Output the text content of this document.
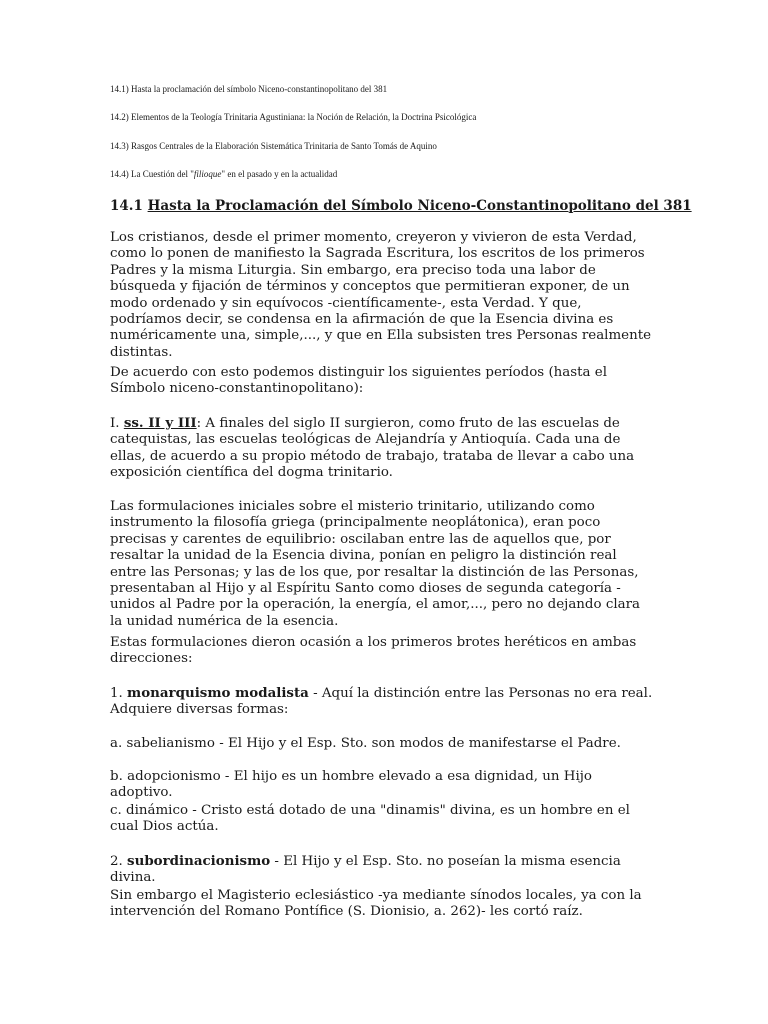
14.1) Hasta la proclamación del símbolo Niceno-constantinopolitano del 381
14.2) Elementos de la Teología Trinitaria Agustiniana: la Noción de Relación, la Doctrina Psicológica
14.3) Rasgos Centrales de la Elaboración Sistemática Trinitaria de Santo Tomás de Aquino
14.4) La Cuestión del "filioque" en el pasado y en la actualidad
14.1 Hasta la Proclamación del Símbolo Niceno-Constantinopolitano del 381

Los cristianos, desde el primer momento, creyeron y vivieron de esta Verdad, como lo ponen de manifiesto la Sagrada Escritura, los escritos de los primeros Padres y la misma Liturgia. Sin embargo, era preciso toda una labor de búsqueda y fijación de términos y conceptos que permitieran exponer, de un modo ordenado y sin equívocos -científicamente-, esta Verdad. Y que, podríamos decir, se condensa en la afirmación de que la Esencia divina es numéricamente una, simple,..., y que en Ella subsisten tres Personas realmente distintas.

De acuerdo con esto podemos distinguir los siguientes períodos (hasta el Símbolo niceno-constantinopolitano):

I. ss. II y III: A finales del siglo II surgieron, como fruto de las escuelas de catequistas, las escuelas teológicas de Alejandría y Antioquía. Cada una de ellas, de acuerdo a su propio método de trabajo, trataba de llevar a cabo una exposición científica del dogma trinitario.

Las formulaciones iniciales sobre el misterio trinitario, utilizando como instrumento la filosofía griega (principalmente neoplátonica), eran poco precisas y carentes de equilibrio: oscilaban entre las de aquellos que, por resaltar la unidad de la Esencia divina, ponían en peligro la distinción real entre las Personas; y las de los que, por resaltar la distinción de las Personas, presentaban al Hijo y al Espíritu Santo como dioses de segunda categoría -unidos al Padre por la operación, la energía, el amor,..., pero no dejando clara la unidad numérica de la esencia.

Estas formulaciones dieron ocasión a los primeros brotes heréticos en ambas direcciones:

1. monarquismo modalista - Aquí la distinción entre las Personas no era real. Adquiere diversas formas:

a. sabelianismo - El Hijo y el Esp. Sto. son modos de manifestarse el Padre.

b. adopcionismo - El hijo es un hombre elevado a esa dignidad, un Hijo adoptivo.

c. dinámico - Cristo está dotado de una "dinamis" divina, es un hombre en el cual Dios actúa.

2. subordinacionismo - El Hijo y el Esp. Sto. no poseían la misma esencia divina.

Sin embargo el Magisterio eclesiástico -ya mediante sínodos locales, ya con la intervención del Romano Pontífice (S. Dionisio, a. 262)- les cortó raíz.
